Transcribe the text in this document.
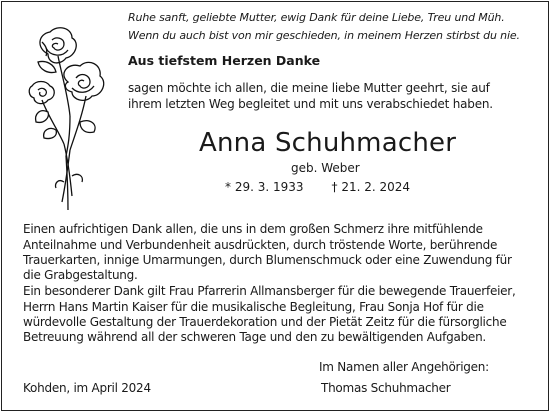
Ruhe sanft, geliebte Mutter, ewig Dank für deine Liebe, Treu und Müh.
Wenn du auch bist von mir geschieden, in meinem Herzen stirbst du nie.
Aus tiefstem Herzen Danke
sagen möchte ich allen, die meine liebe Mutter geehrt, sie auf
ihrem letzten Weg begleitet und mit uns verabschiedet haben.
Anna Schuhmacher
geb. Weber
* 29. 3. 1933 † 21. 2. 2024
Einen aufrichtigen Dank allen, die uns in dem großen Schmerz ihre mitfühlende
Anteilnahme und Verbundenheit ausdrückten, durch tröstende Worte, berührende
Trauerkarten, innige Umarmungen, durch Blumenschmuck oder eine Zuwendung für
die Grabgestaltung.
Ein besonderer Dank gilt Frau Pfarrerin Allmansberger für die bewegende Trauerfeier,
Herrn Hans Martin Kaiser für die musikalische Begleitung, Frau Sonja Hof für die
würdevolle Gestaltung der Trauerdekoration und der Pietät Zeitz für die fürsorgliche
Betreuung während all der schweren Tage und den zu bewältigenden Aufgaben.
Im Namen aller Angehörigen:
Kohden, im April 2024	Thomas Schuhmacher
